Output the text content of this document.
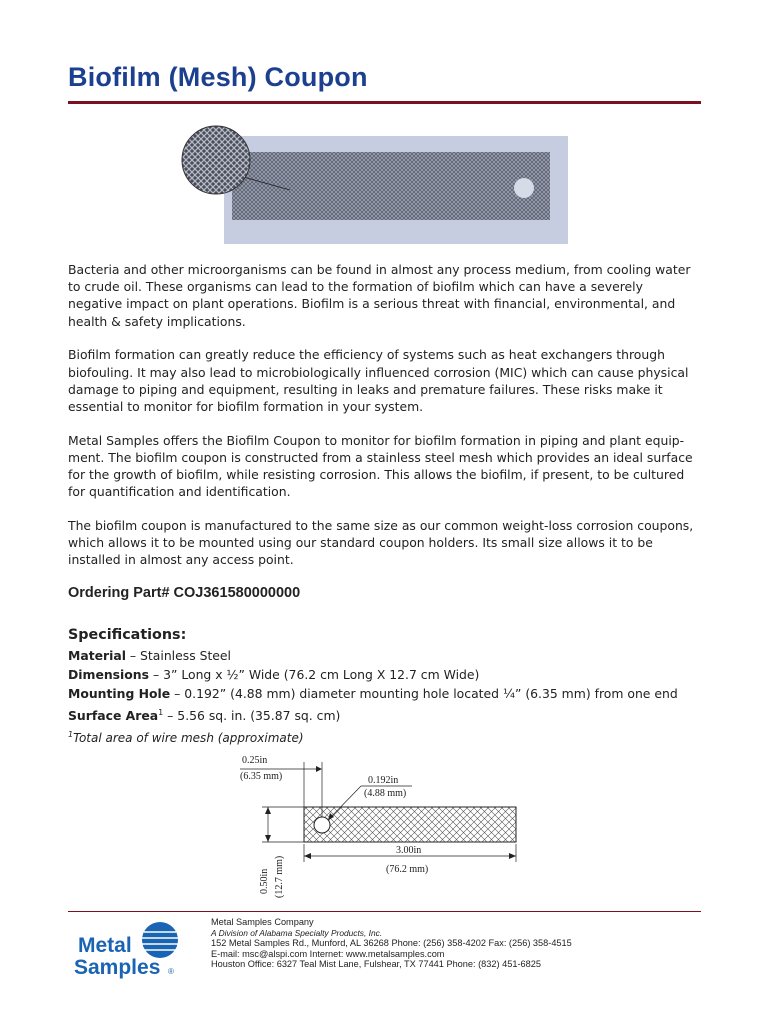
Biofilm (Mesh) Coupon

Bacteria and other microorganisms can be found in almost any process medium, from cooling water to crude oil. These organisms can lead to the formation of biofilm which can have a severely negative impact on plant operations. Biofilm is a serious threat with financial, environmental, and health & safety implications.

Biofilm formation can greatly reduce the efficiency of systems such as heat exchangers through biofouling. It may also lead to microbiologically influenced corrosion (MIC) which can cause physical damage to piping and equipment, resulting in leaks and premature failures. These risks make it essential to monitor for biofilm formation in your system.

Metal Samples offers the Biofilm Coupon to monitor for biofilm formation in piping and plant equip-ment. The biofilm coupon is constructed from a stainless steel mesh which provides an ideal surface for the growth of biofilm, while resisting corrosion. This allows the biofilm, if present, to be cultured for quantification and identification.

The biofilm coupon is manufactured to the same size as our common weight-loss corrosion coupons, which allows it to be mounted using our standard coupon holders. Its small size allows it to be installed in almost any access point.

Ordering Part# COJ361580000000
Specifications:
Material – Stainless Steel
Dimensions – 3” Long x ½” Wide (76.2 cm Long X 12.7 cm Wide)
Mounting Hole – 0.192” (4.88 mm) diameter mounting hole located ¼” (6.35 mm) from one end
Surface Area$^1$ – 5.56 sq. in. (35.87 sq. cm)
$^1$Total area of wire mesh (approximate)
0.25in
(6.35 mm)	0.192in
(4.88 mm)
3.00in
(76.2 mm)
0.50in (12.7 mm)
Metal
Samples ®
Metal Samples Company
A Division of Alabama Specialty Products, Inc.
152 Metal Samples Rd., Munford, AL 36268 Phone: (256) 358-4202 Fax: (256) 358-4515
E-mail: msc@alspi.com Internet: www.metalsamples.com
Houston Office: 6327 Teal Mist Lane, Fulshear, TX 77441 Phone: (832) 451-6825
